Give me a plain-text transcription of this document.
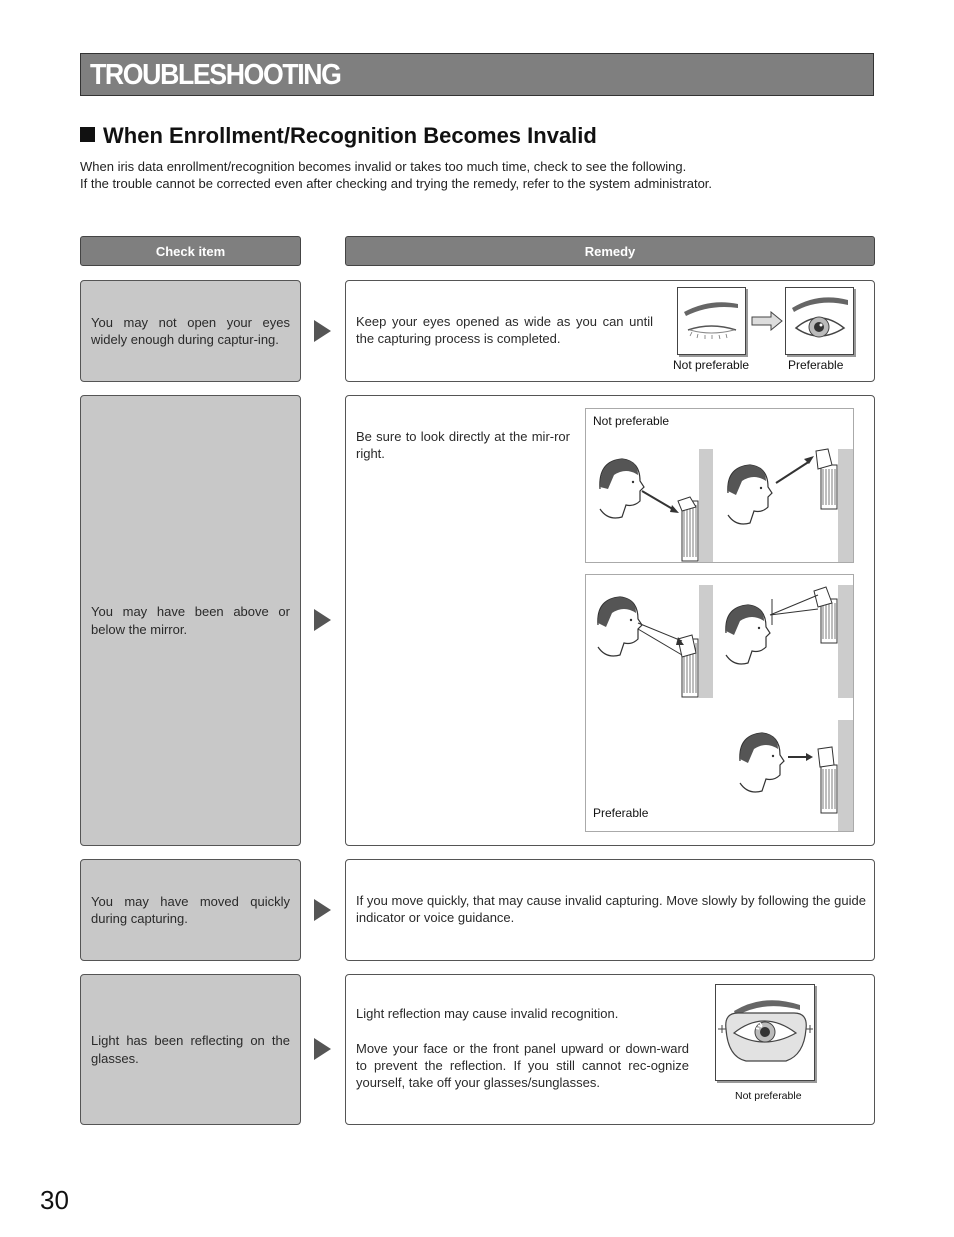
TROUBLESHOOTING
When Enrollment/Recognition Becomes Invalid
When iris data enrollment/recognition becomes invalid or takes too much time, check to see the following.
If the trouble cannot be corrected even after checking and trying the remedy, refer to the system administrator.
Check item	Remedy
You may not open your eyes widely enough during captur-ing.
Keep your eyes opened as wide as you can until the capturing process is completed.
Not preferable	Preferable
You may have been above or below the mirror.
Be sure to look directly at the mir-ror right.
Not preferable
Preferable
You may have moved quickly during capturing.
If you move quickly, that may cause invalid capturing. Move slowly by following the guide indicator or voice guidance.
Light has been reflecting on the glasses.
Light reflection may cause invalid recognition.
Move your face or the front panel upward or down-ward to prevent the reflection. If you still cannot rec-ognize yourself, take off your glasses/sunglasses.
Not preferable
30
